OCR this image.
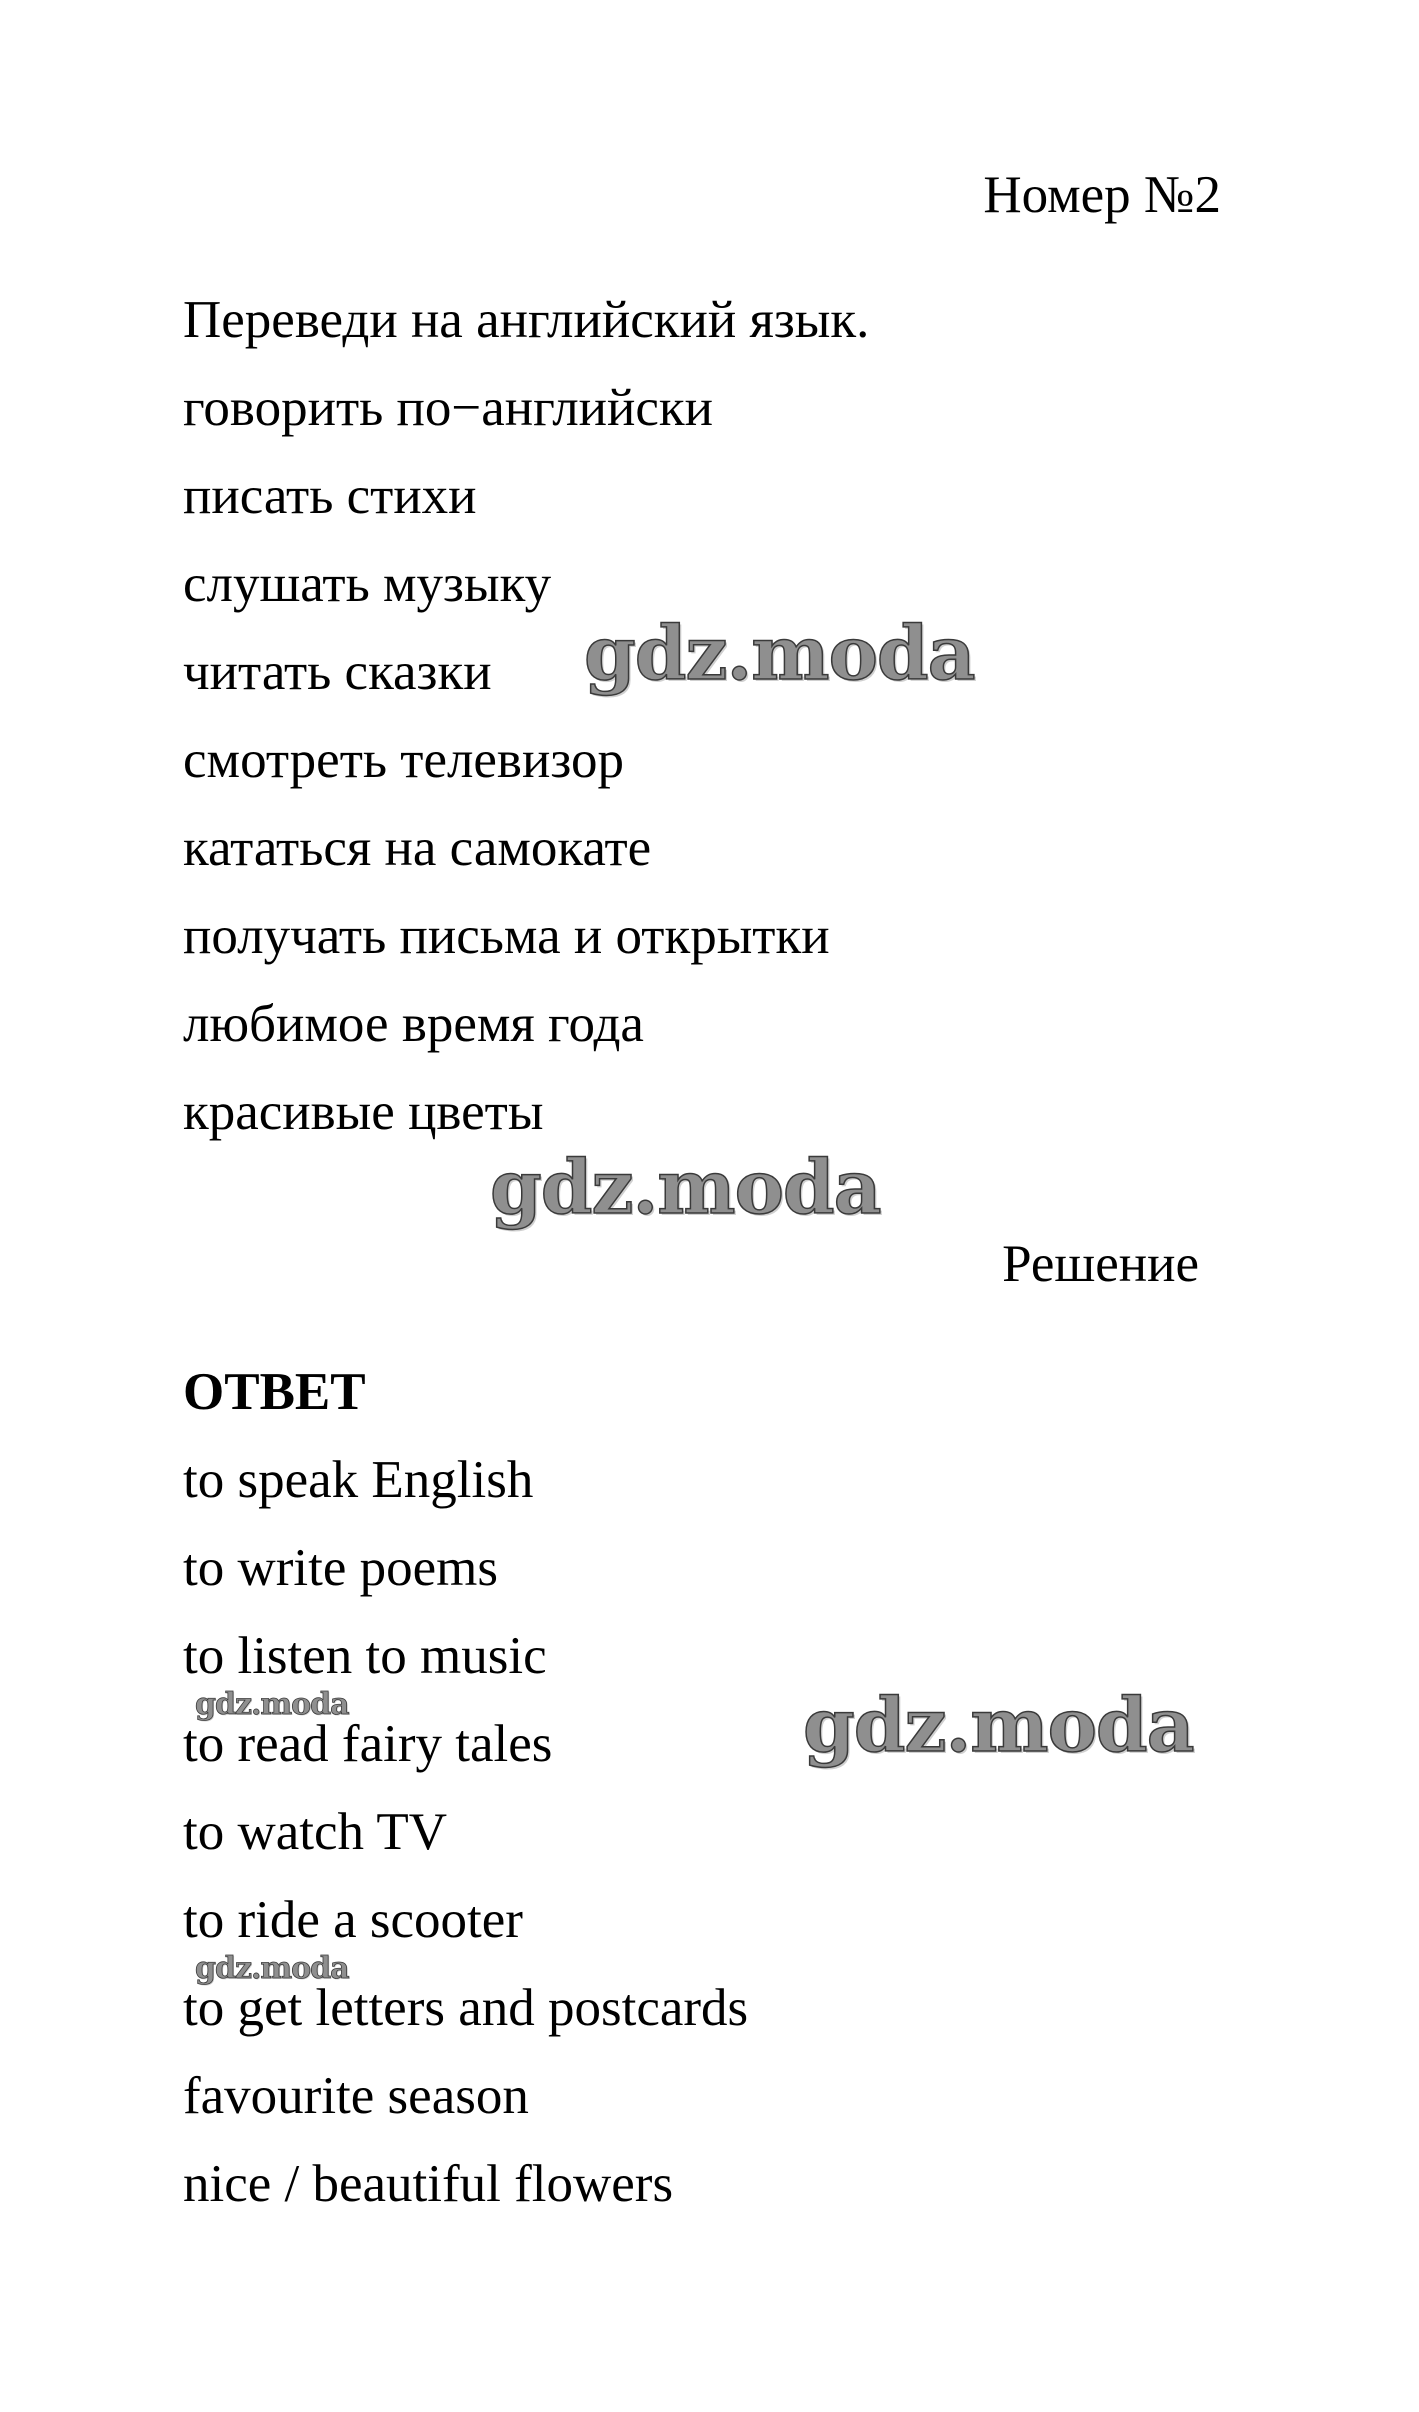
Номер №2
Переведи на английский язык.
говорить по−английски
писать стихи
слушать музыку
читать сказки
смотреть телевизор
кататься на самокате
получать письма и открытки
любимое время года
красивые цветы
Решение
ОТВЕТ
to speak English
to write poems
to listen to music
to read fairy tales
to watch TV
to ride a scooter
to get letters and postcards
favourite season
nice / beautiful flowers
gdz.moda
gdz.moda
gdz.moda
gdz.moda
gdz.moda
